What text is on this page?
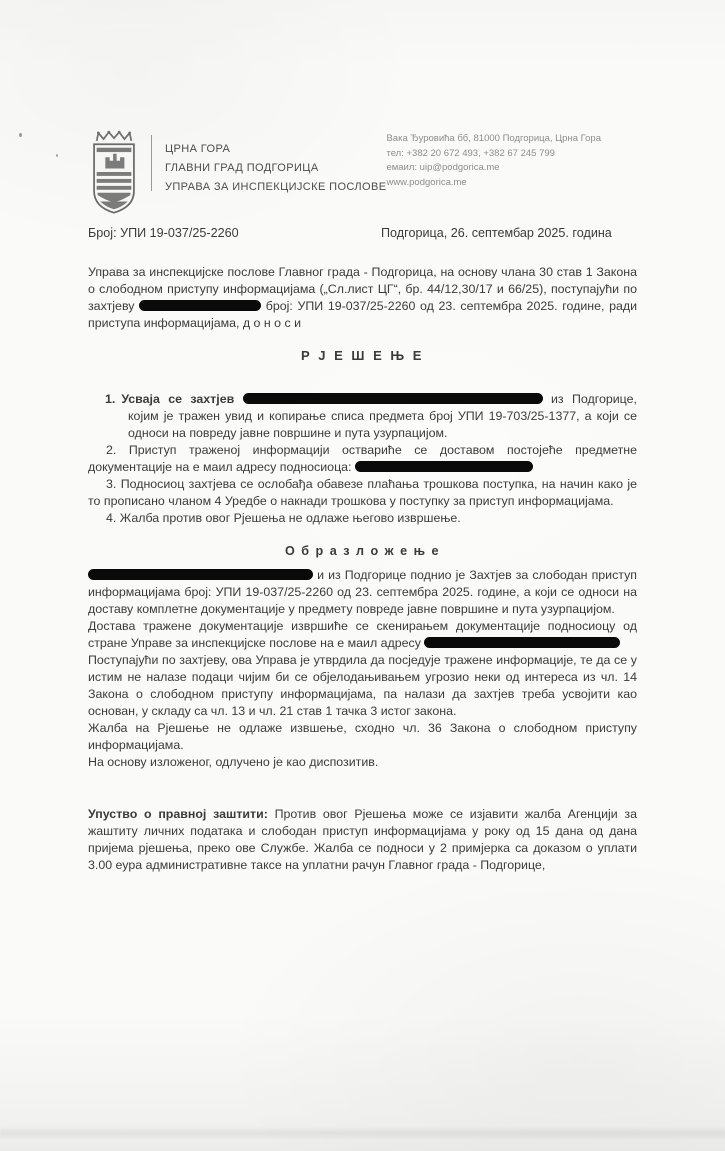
ЦРНА ГОРА
ГЛАВНИ ГРАД ПОДГОРИЦА
УПРАВА ЗА ИНСПЕКЦИЈСКЕ ПОСЛОВЕ
Вака Ђуровића бб, 81000 Подгорица, Црна Гора
тел: +382 20 672 493, +382 67 245 799
емаил: uip@podgorica.me
www.podgorica.me
Број: УПИ 19-037/25-2260	Подгорица, 26. септембар 2025. година

Управа за инспекцијске послове Главног града - Подгорица, на основу члана 30 став 1 Закона о слободном приступу информацијама („Сл.лист ЦГ“, бр. 44/12,30/17 и 66/25), поступајући по захтјеву	број: УПИ 19-037/25-2260 од 23. септембра 2025. године, ради приступа информацијама, д о н о с и

Р Ј Е Ш Е Њ Е

1. Усваја се захтјев	из Подгорице, којим је тражен увид и копирање списа предмета број УПИ 19-703/25-1377, а који се односи на повреду јавне површине и пута узурпацијом.

2. Приступ траженој информацији оствариће се доставом постојеће предметне документације на е маил адресу подносиоца:

3. Подносиоц захтјева се ослобађа обавезе плаћања трошкова поступка, на начин како је то прописано чланом 4 Уредбе о накнади трошкова у поступку за приступ информацијама.

4. Жалба против овог Рјешења не одлаже његово извршење.

О б р а з л о ж е њ е

и из Подгорице поднио је Захтјев за слободан приступ информацијама број: УПИ 19-037/25-2260 од 23. септембра 2025. године, а који се односи на доставу комплетне документације у предмету повреде јавне површине и пута узурпацијом.

Достава тражене документације извршиће се скенирањем документације подносиоцу од стране Управе за инспекцијске послове на е маил адресу

Поступајући по захтјеву, ова Управа је утврдила да посједује тражене информације, те да се у истим не налазе подаци чијим би се објелодањивањем угрозио неки од интереса из чл. 14 Закона о слободном приступу информацијама, па налази да захтјев треба усвојити као основан, у складу са чл. 13 и чл. 21 став 1 тачка 3 истог закона.

Жалба на Рјешење не одлаже извшење, сходно чл. 36 Закона о слободном приступу информацијама.

На основу изложеног, одлучено је као диспозитив.

Упуство о правној заштити: Против овог Рјешења може се изјавити жалба Агенцији за жаштиту личних података и слободан приступ информацијама у року од 15 дана од дана пријема рјешења, преко ове Службе. Жалба се подноси у 2 примјерка са доказом о уплати 3.00 еура административне таксе на уплатни рачун Главног града - Подгорице,
